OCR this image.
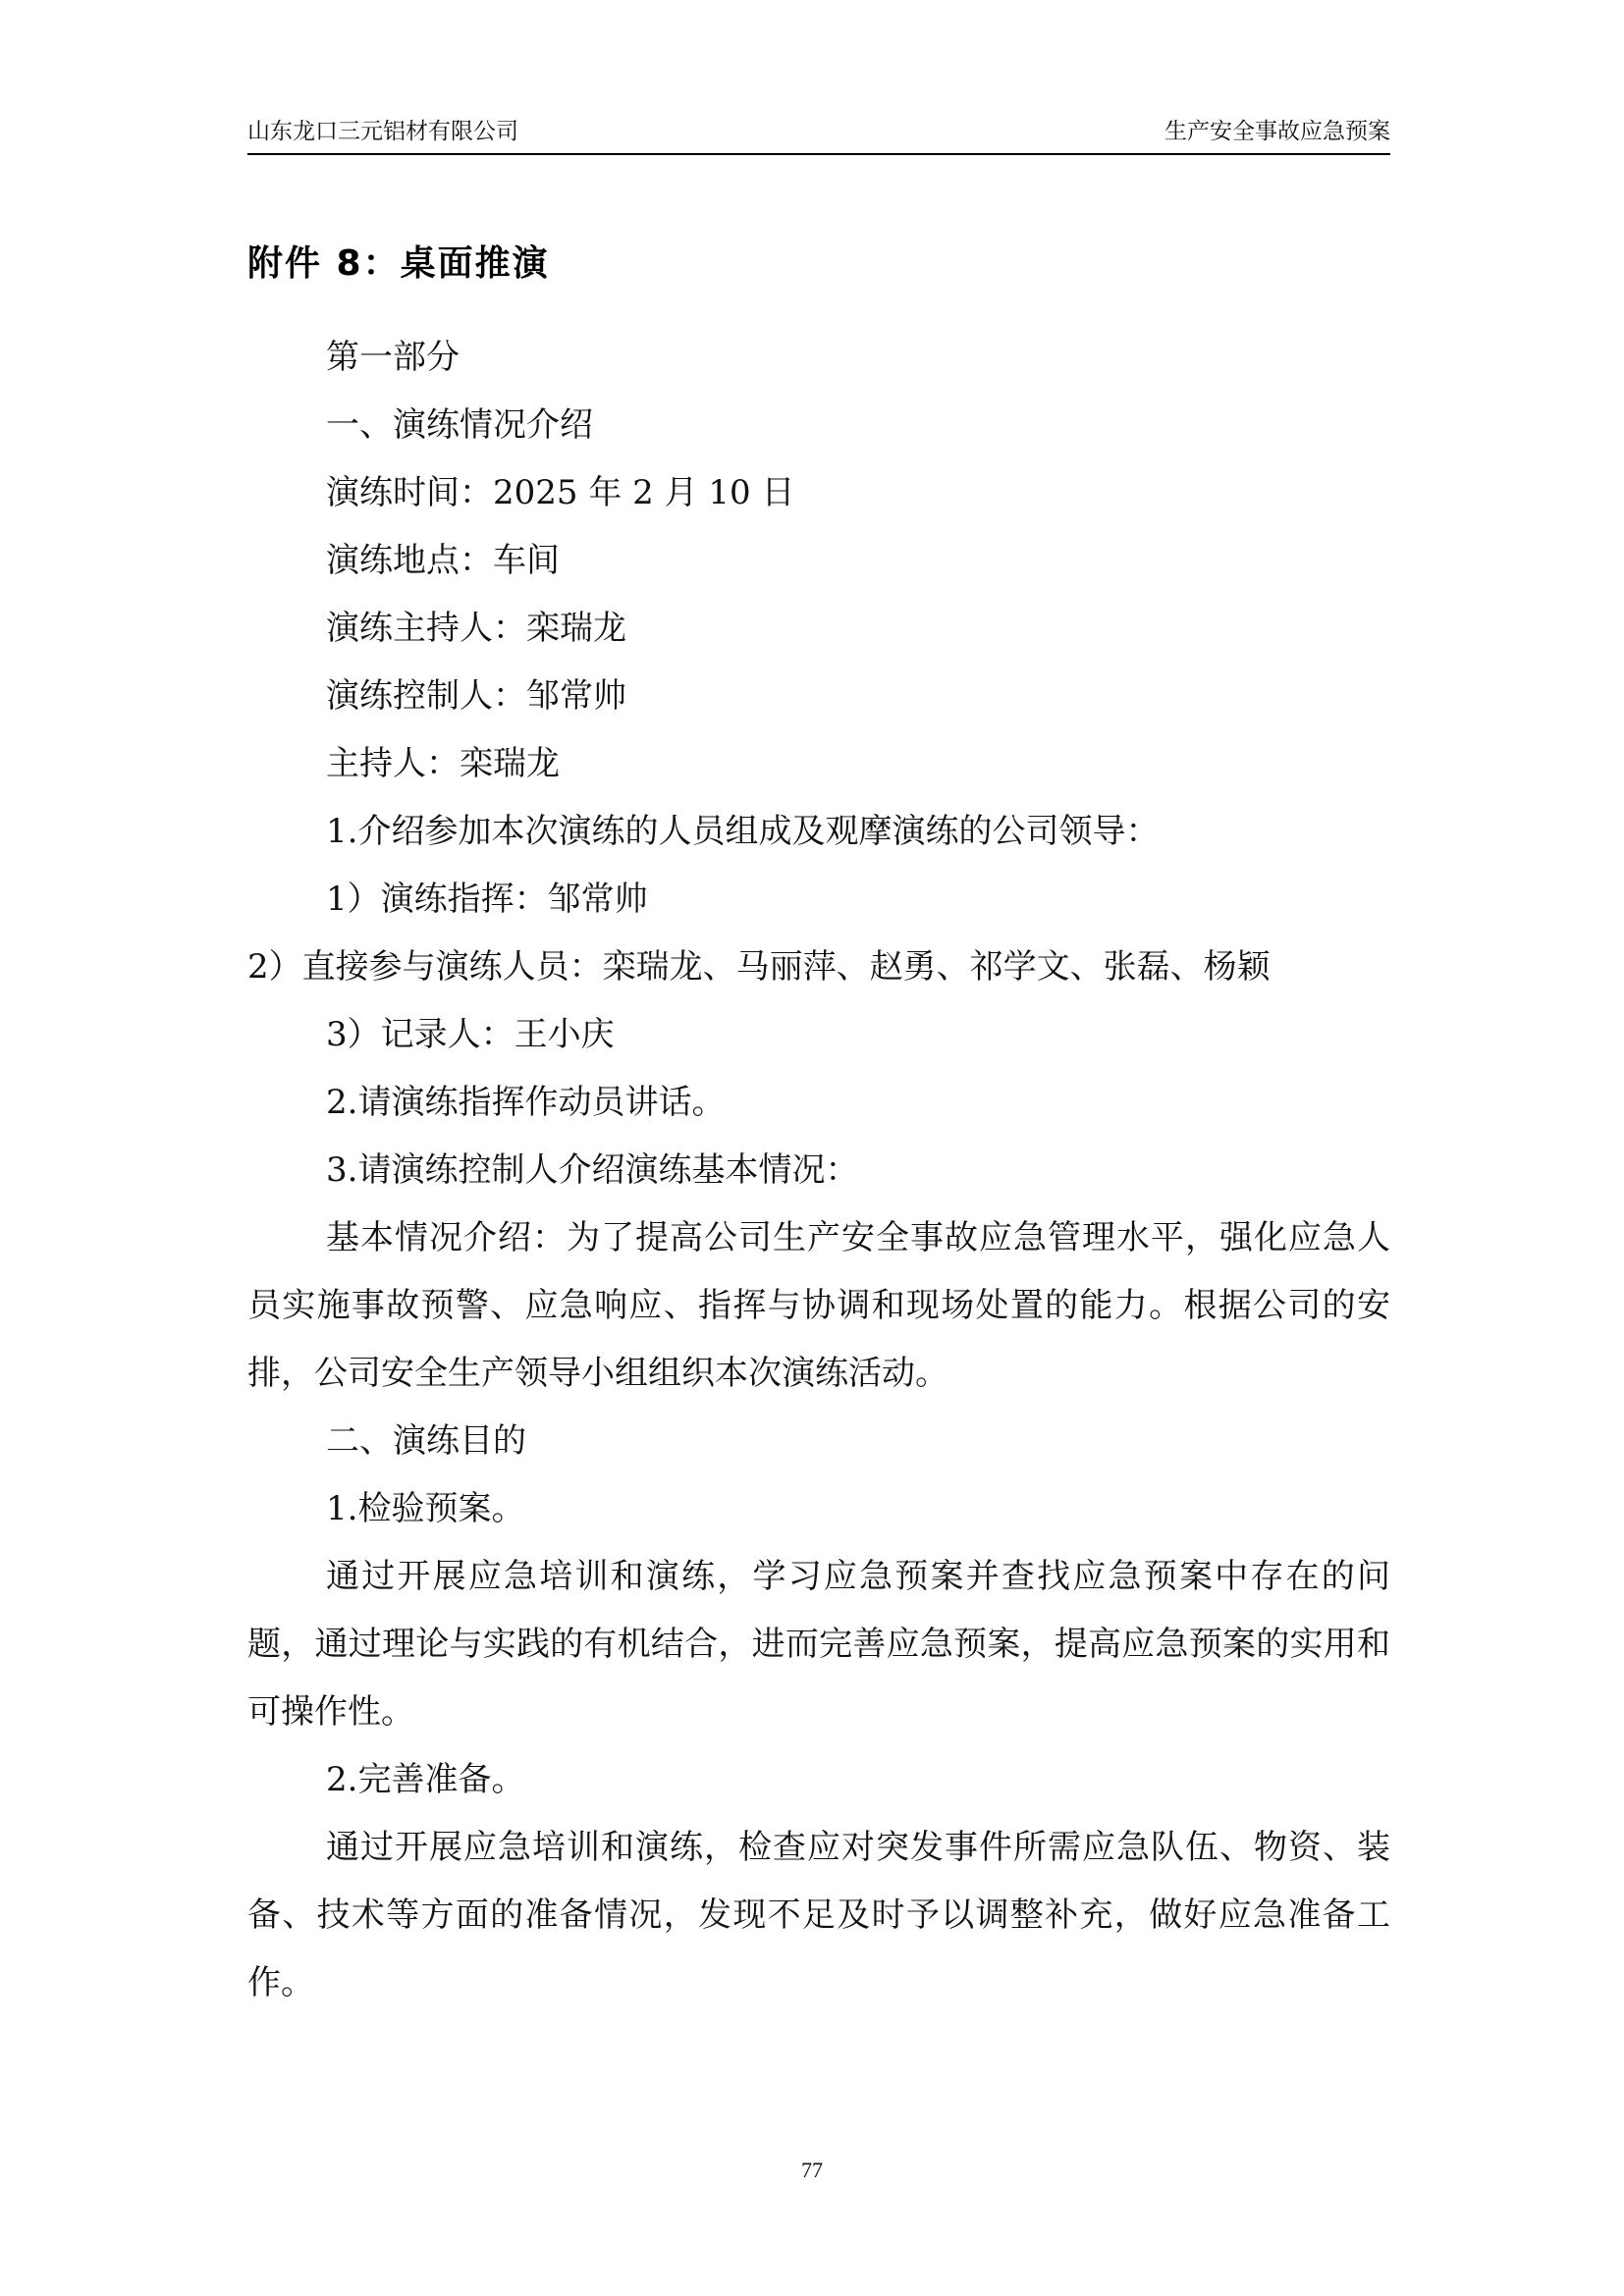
山东龙口三元铝材有限公司	生产安全事故应急预案
附件 8：桌面推演

第一部分

一、演练情况介绍

演练时间：2025 年 2 月 10 日

演练地点：车间

演练主持人：栾瑞龙

演练控制人：邹常帅

主持人：栾瑞龙

1.介绍参加本次演练的人员组成及观摩演练的公司领导：

1）演练指挥：邹常帅

2）直接参与演练人员：栾瑞龙、马丽萍、赵勇、祁学文、张磊、杨颖

3）记录人：王小庆

2.请演练指挥作动员讲话。

3.请演练控制人介绍演练基本情况：

基本情况介绍：为了提高公司生产安全事故应急管理水平，强化应急人员实施事故预警、应急响应、指挥与协调和现场处置的能力。根据公司的安排，公司安全生产领导小组组织本次演练活动。

二、演练目的

1.检验预案。

通过开展应急培训和演练，学习应急预案并查找应急预案中存在的问题，通过理论与实践的有机结合，进而完善应急预案，提高应急预案的实用和可操作性。

2.完善准备。

通过开展应急培训和演练，检查应对突发事件所需应急队伍、物资、装备、技术等方面的准备情况，发现不足及时予以调整补充，做好应急准备工作。

77
